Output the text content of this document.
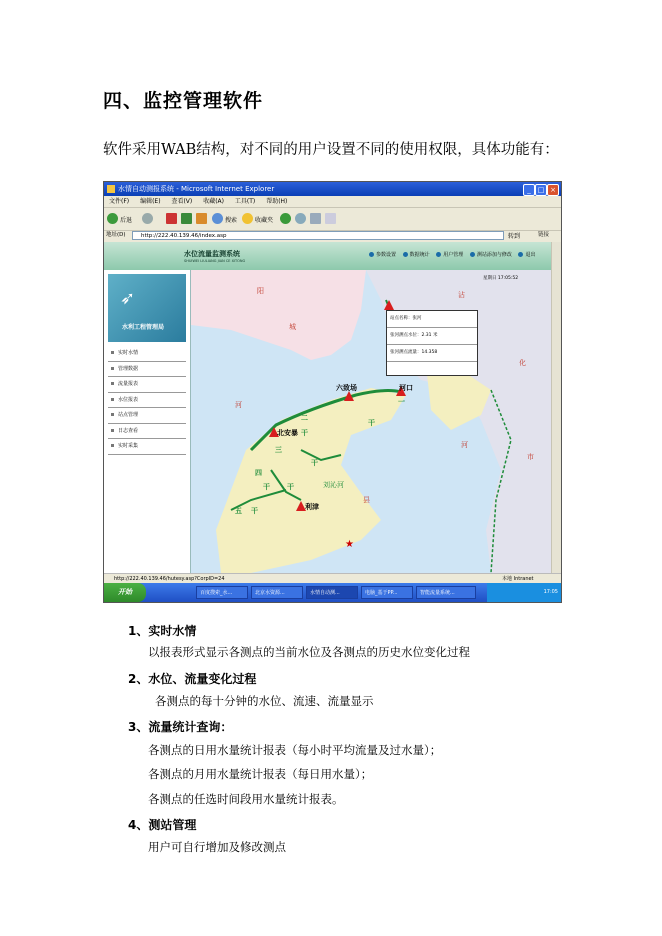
四、监控管理软件
软件采用WAB结构，对不同的用户设置不同的使用权限，具体功能有：
水情自动测报系统 - Microsoft Internet Explorer	_ □ ×
文件(F) 编辑(E) 查看(V) 收藏(A) 工具(T) 帮助(H)
后退	搜索	收藏夹
地址(D)	http://222.40.139.46/index.asp	转到	链接
水位流量监测系统
SHUIWEI LIULIANG JIAN CE XITONG
参数设置	数据统计	用户管理	测站添加与修改	退出
➶
水利工程管理局
实时水情
管理数据
流量报表
水位报表
站点管理
日志查看
实时采集
★
阳
城
河
县
沾
化
河
市
六致场	河口
北安暴
利津
刘沁河
一
二
三
四
五
干
干
干
干
干
干
星期日 17:05:52
站点名称：张河
张河测点水位：2.31 米
张河测点流量：14.358
http://222.40.139.46/hutesy.asp?CorpID=24	本地 Intranet
开始	百度搜索_水...	北京水资源...	水情自动测...	电脑_基于PP...	智能流量系统...	17:05
1、实时水情
以报表形式显示各测点的当前水位及各测点的历史水位变化过程
2、水位、流量变化过程
各测点的每十分钟的水位、流速、流量显示
3、流量统计查询：
各测点的日用水量统计报表（每小时平均流量及过水量）；
各测点的月用水量统计报表（每日用水量）；
各测点的任选时间段用水量统计报表。
4、测站管理
用户可自行增加及修改测点
